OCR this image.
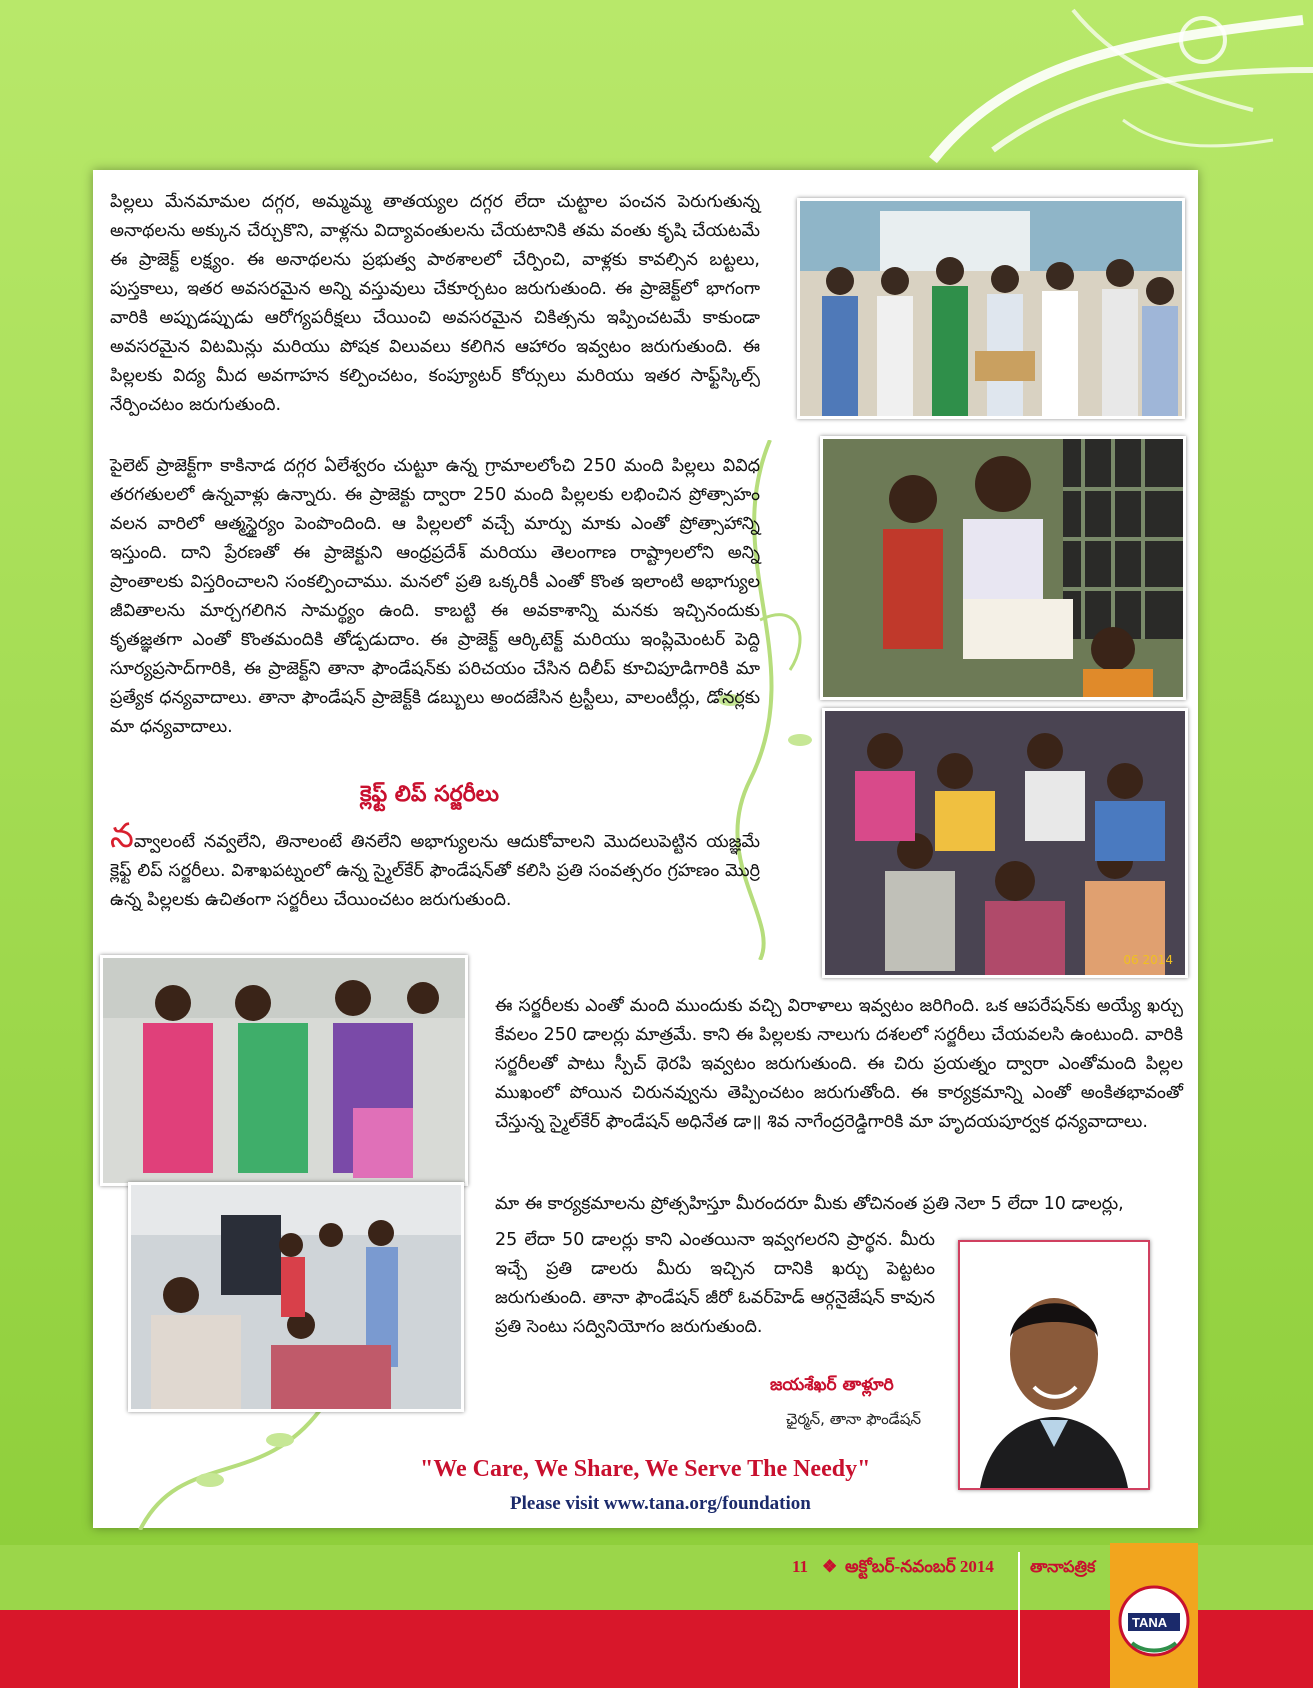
పిల్లలు మేనమామల దగ్గర, అమ్మమ్మ తాతయ్యల దగ్గర లేదా చుట్టాల పంచన పెరుగుతున్న అనాథలను అక్కున చేర్చుకొని, వాళ్లను విద్యావంతులను చేయటానికి తమ వంతు కృషి చేయటమే ఈ ప్రాజెక్ట్ లక్ష్యం. ఈ అనాథలను ప్రభుత్వ పాఠశాలలో చేర్పించి, వాళ్లకు కావల్సిన బట్టలు, పుస్తకాలు, ఇతర అవసరమైన అన్ని వస్తువులు చేకూర్చటం జరుగుతుంది. ఈ ప్రాజెక్ట్‌లో భాగంగా వారికి అప్పుడప్పుడు ఆరోగ్యపరీక్షలు చేయించి అవసరమైన చికిత్సను ఇప్పించటమే కాకుండా అవసరమైన విటమిన్లు మరియు పోషక విలువలు కలిగిన ఆహారం ఇవ్వటం జరుగుతుంది. ఈ పిల్లలకు విద్య మీద అవగాహన కల్పించటం, కంప్యూటర్ కోర్సులు మరియు ఇతర సాఫ్ట్‌స్కిల్స్ నేర్పించటం జరుగుతుంది.

పైలెట్ ప్రాజెక్ట్‌గా కాకినాడ దగ్గర ఏలేశ్వరం చుట్టూ ఉన్న గ్రామాలలోంచి 250 మంది పిల్లలు వివిధ తరగతులలో ఉన్నవాళ్లు ఉన్నారు. ఈ ప్రాజెక్టు ద్వారా 250 మంది పిల్లలకు లభించిన ప్రోత్సాహం వలన వారిలో ఆత్మస్థైర్యం పెంపొందింది. ఆ పిల్లలలో వచ్చే మార్పు మాకు ఎంతో ప్రోత్సాహాన్ని ఇస్తుంది. దాని ప్రేరణతో ఈ ప్రాజెక్టుని ఆంధ్రప్రదేశ్ మరియు తెలంగాణ రాష్ట్రాలలోని అన్ని ప్రాంతాలకు విస్తరించాలని సంకల్పించాము. మనలో ప్రతి ఒక్కరికీ ఎంతో కొంత ఇలాంటి అభాగ్యుల జీవితాలను మార్చగలిగిన సామర్థ్యం ఉంది. కాబట్టి ఈ అవకాశాన్ని మనకు ఇచ్చినందుకు కృతజ్ఞతగా ఎంతో కొంతమందికి తోడ్పడుదాం. ఈ ప్రాజెక్ట్ ఆర్కిటెక్ట్ మరియు ఇంప్లిమెంటర్ పెద్ది సూర్యప్రసాద్‌గారికి, ఈ ప్రాజెక్ట్‌ని తానా ఫౌండేషన్‌కు పరిచయం చేసిన దిలీప్ కూచిపూడిగారికి మా ప్రత్యేక ధన్యవాదాలు. తానా ఫౌండేషన్ ప్రాజెక్ట్‌కి డబ్బులు అందజేసిన ట్రస్టీలు, వాలంటీర్లు, డోనర్లకు మా ధన్యవాదాలు.

క్లెఫ్ట్ లిప్ సర్జరీలు

నవ్వాలంటే నవ్వలేని, తినాలంటే తినలేని అభాగ్యులను ఆదుకోవాలని మొదలుపెట్టిన యజ్ఞమే క్లెఫ్ట్ లిప్ సర్జరీలు. విశాఖపట్నంలో ఉన్న స్మైల్‌కేర్ ఫౌండేషన్‌తో కలిసి ప్రతి సంవత్సరం గ్రహణం మొర్రి ఉన్న పిల్లలకు ఉచితంగా సర్జరీలు చేయించటం జరుగుతుంది.

ఈ సర్జరీలకు ఎంతో మంది ముందుకు వచ్చి విరాళాలు ఇవ్వటం జరిగింది. ఒక ఆపరేషన్‌కు అయ్యే ఖర్చు కేవలం 250 డాలర్లు మాత్రమే. కాని ఈ పిల్లలకు నాలుగు దశలలో సర్జరీలు చేయవలసి ఉంటుంది. వారికి సర్జరీలతో పాటు స్పీచ్ థెరపి ఇవ్వటం జరుగుతుంది. ఈ చిరు ప్రయత్నం ద్వారా ఎంతోమంది పిల్లల ముఖంలో పోయిన చిరునవ్వును తెప్పించటం జరుగుతోంది. ఈ కార్యక్రమాన్ని ఎంతో అంకితభావంతో చేస్తున్న స్మైల్‌కేర్ ఫౌండేషన్ అధినేత డా॥ శివ నాగేంద్రరెడ్డిగారికి మా హృదయపూర్వక ధన్యవాదాలు.

మా ఈ కార్యక్రమాలను ప్రోత్సహిస్తూ మీరందరూ మీకు తోచినంత ప్రతి నెలా 5 లేదా 10 డాలర్లు,

25 లేదా 50 డాలర్లు కాని ఎంతయినా ఇవ్వగలరని ప్రార్థన. మీరు ఇచ్చే ప్రతి డాలరు మీరు ఇచ్చిన దానికి ఖర్చు పెట్టటం జరుగుతుంది. తానా ఫౌండేషన్ జీరో ఓవర్‌హెడ్ ఆర్గనైజేషన్ కావున ప్రతి సెంటు సద్వినియోగం జరుగుతుంది.

జయశేఖర్ తాళ్లూరి
ఛైర్మన్, తానా ఫౌండేషన్
"We Care, We Share, We Serve The Needy"
Please visit www.tana.org/foundation
06 2014
11 ❖ అక్టోబర్-నవంబర్ 2014 తానాపత్రిక
TANA
